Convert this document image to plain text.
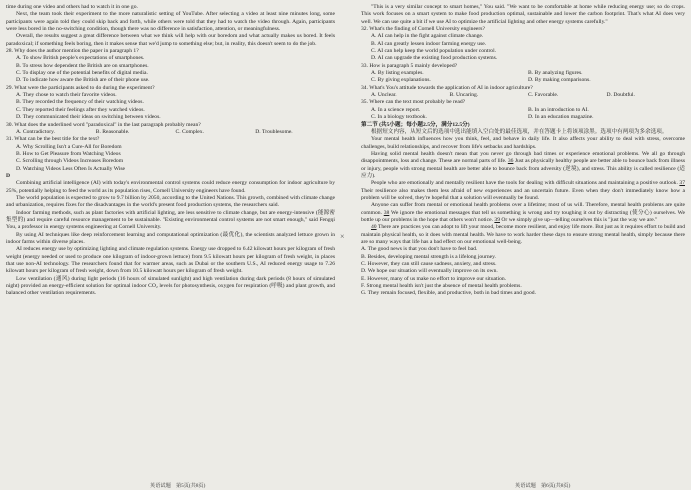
time during one video and others had to watch it in one go.

Next, the team took their experiment to the more naturalistic setting of YouTube. After selecting a video at least nine minutes long, some participants were again told they could skip back and forth, while others were told that they had to watch the video through. Again, participants were less bored in the no-switching condition, though there was no difference in satisfaction, attention, or meaningfulness.

Overall, the results suggest a great difference between what we think will help with our boredom and what actually makes us bored. It feels paradoxical; if something feels boring, then it makes sense that we'd jump to something else; but, in reality, this doesn't seem to do the job.

28. Why does the author mention the paper in paragraph 1?

A. To show British people's expectations of smartphones.

B. To stress how dependent the British are on smartphones.

C. To display one of the potential benefits of digital media.

D. To indicate how aware the British are of their phone use.

29. What were the participants asked to do during the experiment?

A. They chose to watch their favorite videos.

B. They recorded the frequency of their watching videos.

C. They reported their feelings after they watched videos.

D. They communicated their ideas on switching between videos.

30. What does the underlined word "paradoxical" in the last paragraph probably mean?

A. Contradictory.	B. Reasonable.	C. Complex.	D. Troublesome.

31. What can be the best title for the text?

A. Why Scrolling Isn't a Cure-All for Boredom

B. How to Get Pleasure from Watching Videos

C. Scrolling through Videos Increases Boredom

D. Watching Videos Less Often Is Actually Wise

D

Combining artificial intelligence (AI) with today's environmental control systems could reduce energy consumption for indoor agriculture by 25%, potentially helping to feed the world as its population rises, Cornell University engineers have found.

The world population is expected to grow to 9.7 billion by 2050, according to the United Nations. This growth, combined with climate change and urbanization, requires fixes for the disadvantages in the world's present food production systems, the researchers said.

Indoor farming methods, such as plant factories with artificial lighting, are less sensitive to climate change, but are energy-intensive (能源密集型的) and require careful resource management to be sustainable. "Existing environmental control systems are not smart enough," said Fengqi You, a professor in energy systems engineering at Cornell University.

By using AI techniques like deep reinforcement learning and computational optimization (最优化), the scientists analyzed lettuce grown in indoor farms within diverse places.

AI reduces energy use by optimizing lighting and climate regulation systems. Energy use dropped to 6.42 kilowatt hours per kilogram of fresh weight (energy needed or used to produce one kilogram of indoor-grown lettuce) from 9.5 kilowatt hours per kilogram of fresh weight, in places that use non-AI technology. The researchers found that for warmer areas, such as Dubai or the southern U.S., AI reduced energy usage to 7.26 kilowatt hours per kilogram of fresh weight, down from 10.5 kilowatt hours per kilogram of fresh weight.

Low ventilation (通风) during light periods (16 hours of simulated sunlight) and high ventilation during dark periods (8 hours of simulated night) provided an energy-efficient solution for optimal indoor CO₂ levels for photosynthesis, oxygen for respiration (呼吸) and plant growth, and balanced other ventilation requirements.

×

"This is a very similar concept to smart homes," You said. "We want to be comfortable at home while reducing energy use; so do crops. This work focuses on a smart system to make food production optimal, sustainable and lower the carbon footprint. That's what AI does very well. We can use quite a bit if we use AI to optimize the artificial lighting and other energy systems carefully."

32. What's the finding of Cornell University engineers?

A. AI can help in the fight against climate change.

B. AI can greatly lessen indoor farming energy use.

C. AI can help keep the world population under control.

D. AI can upgrade the existing food production systems.

33. How is paragraph 5 mainly developed?

A. By listing examples.	B. By analyzing figures.
C. By giving explanations.	D. By making comparisons.

34. What's You's attitude towards the application of AI in indoor agriculture?

A. Unclear.	B. Uncaring.	C. Favorable.	D. Doubtful.

35. Where can the text most probably be read?

A. In a science report.	B. In an introduction to AI.
C. In a biology textbook.	D. In an education magazine.

第二节 (共5小题；每小题2.5分，满分12.5分)

根据短文内容，从短文后的选项中选出能填入空白处的最佳选项，并在答题卡上将该项涂黑。选项中有两项为多余选项。

Your mental health influences how you think, feel, and behave in daily life. It also affects your ability to deal with stress, overcome challenges, build relationships, and recover from life's setbacks and hardships.

Having solid mental health doesn't mean that you never go through bad times or experience emotional problems. We all go through disappointments, loss and change. These are normal parts of life. 36 Just as physically healthy people are better able to bounce back from illness or injury, people with strong mental health are better able to bounce back from adversity (逆境), and stress. This ability is called resilience (适应力).

People who are emotionally and mentally resilient have the tools for dealing with difficult situations and maintaining a positive outlook. 37 Their resilience also makes them less afraid of new experiences and an uncertain future. Even when they don't immediately know how a problem will be solved, they're hopeful that a solution will eventually be found.

Anyone can suffer from mental or emotional health problems over a lifetime; most of us will. Therefore, mental health problems are quite common. 38 We ignore the emotional messages that tell us something is wrong and try toughing it out by distracting (使分心) ourselves. We bottle up our problems in the hope that others won't notice. 39 Or we simply give up—telling ourselves this is "just the way we are."

40 There are practices you can adopt to lift your mood, become more resilient, and enjoy life more. But just as it requires effort to build and maintain physical health, so it does with mental health. We have to work harder these days to ensure strong mental health, simply because there are so many ways that life has a bad effect on our emotional well-being.

A. The good news is that you don't have to feel bad.

B. Besides, developing mental strength is a lifelong journey.

C. However, they can still cause sadness, anxiety, and stress.

D. We hope our situation will eventually improve on its own.

E. However, many of us make no effort to improve our situation.

F. Strong mental health isn't just the absence of mental health problems.

G. They remain focused, flexible, and productive, both in bad times and good.

英语试题　第5页(共8页)	英语试题　第6页(共8页)
